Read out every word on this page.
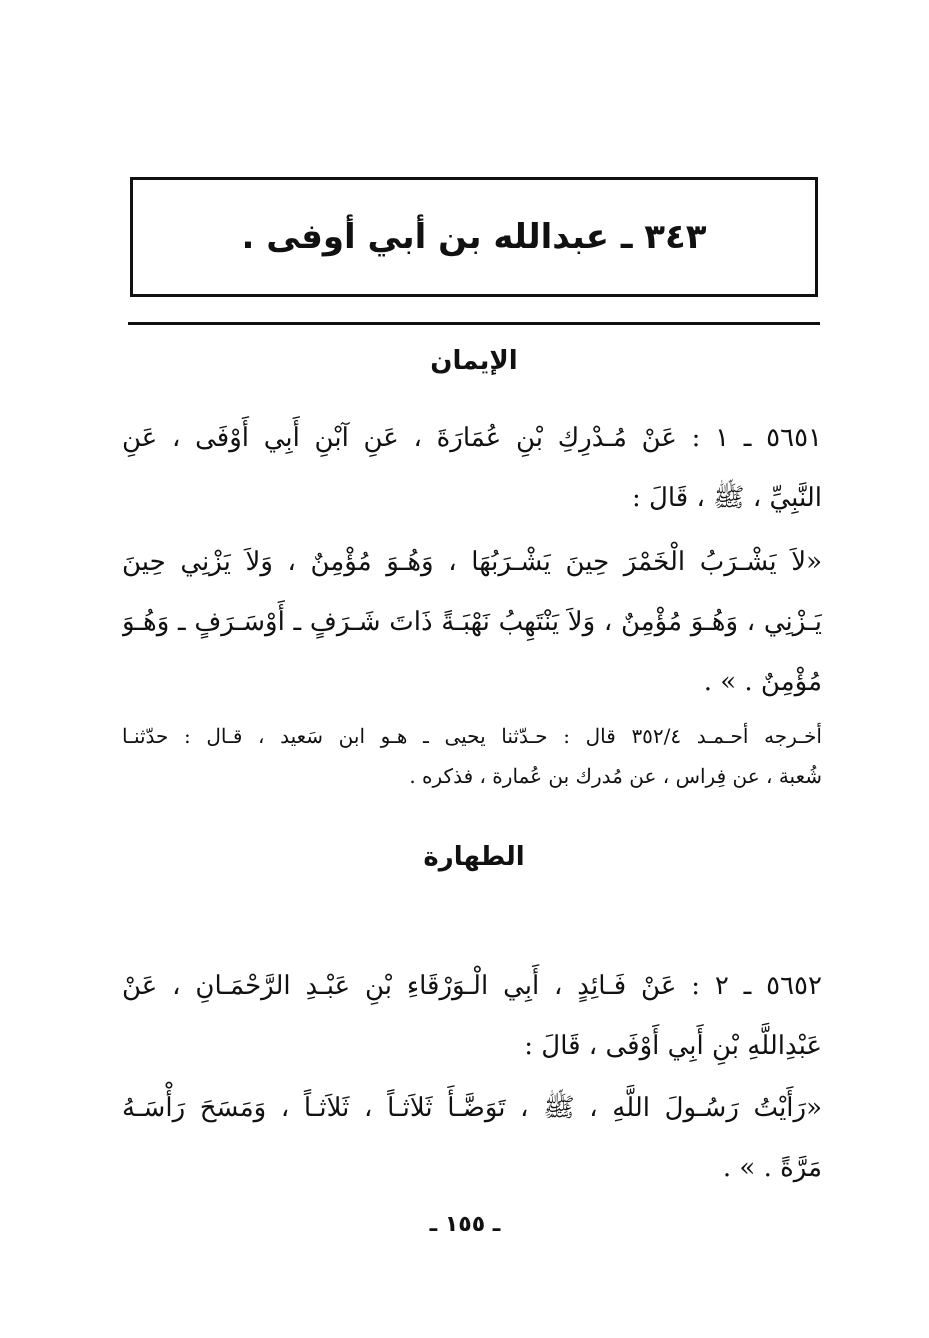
٣٤٣ ـ عبدالله بن أبي أوفى .
الإيمان
٥٦٥١ ـ ١ : عَنْ مُـدْرِكِ بْنِ عُمَارَةَ ، عَنِ آبْنِ أَبِي أَوْفَى ، عَنِ
النَّبِيِّ ، ﷺ ، قَالَ :
«لاَ يَشْـرَبُ الْخَمْرَ حِينَ يَشْـرَبُهَا ، وَهُـوَ مُؤْمِنٌ ، وَلاَ يَزْنِي حِينَ
يَـزْنِي ، وَهُـوَ مُؤْمِنٌ ، وَلاَ يَنْتَهِبُ نَهْبَـةً ذَاتَ شَـرَفٍ ـ أَوْسَـرَفٍ ـ وَهُـوَ
مُؤْمِنٌ . » .
أخـرجه أحـمـد ٣٥٢/٤ قال : حـدّثنا يحيى ـ هـو ابن سَعيد ، قـال : حدّثنـا
شُعبة ، عن فِراس ، عن مُدرك بن عُمارة ، فذكره .
الطهارة
٥٦٥٢ ـ ٢ : عَنْ فَـائِدٍ ، أَبِي الْـوَرْقَاءِ بْنِ عَبْـدِ الرَّحْمَـانِ ، عَنْ
عَبْدِاللَّهِ بْنِ أَبِي أَوْفَى ، قَالَ :
«رَأَيْتُ رَسُـولَ اللَّهِ ، ﷺ ، تَوَضَّـأَ ثَلاَثـاً ، ثَلاَثـاً ، وَمَسَحَ رَأْسَـهُ
مَرَّةً . » .
ـ ١٥٥ ـ
